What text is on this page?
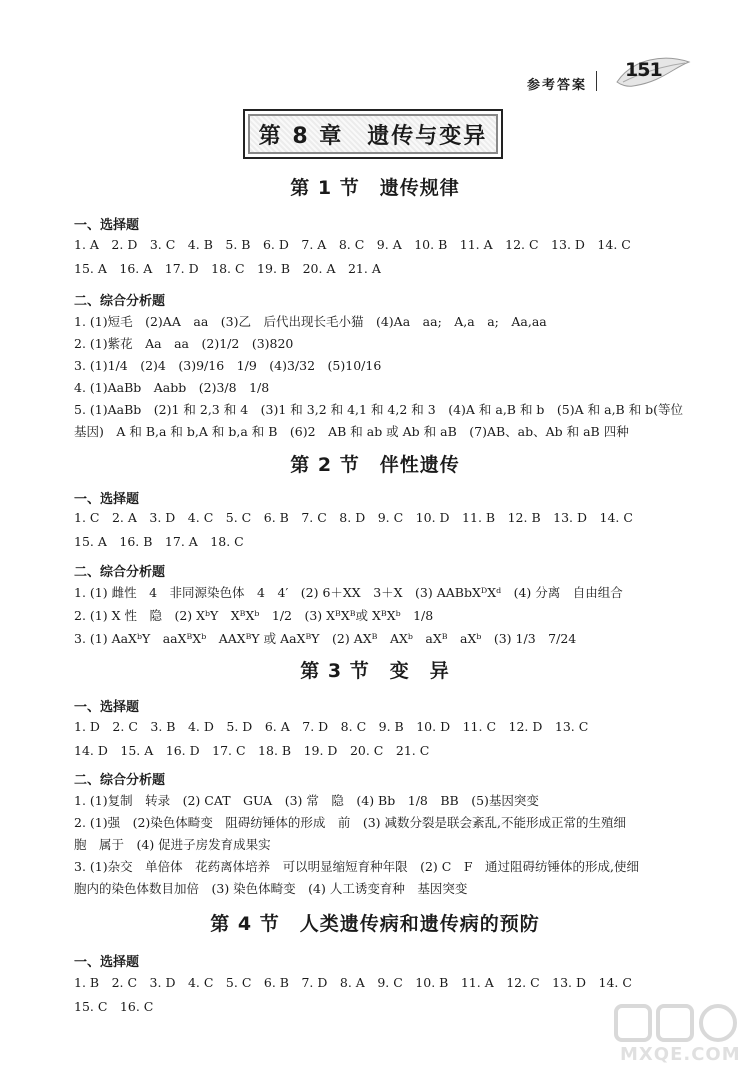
参考答案
151
第 8 章　遗传与变异
第 1 节　遗传规律
一、选择题
1. A　2. D　3. C　4. B　5. B　6. D　7. A　8. C　9. A　10. B　11. A　12. C　13. D　14. C
15. A　16. A　17. D　18. C　19. B　20. A　21. A
二、综合分析题
1. (1)短毛　(2)AA　aa　(3)乙　后代出现长毛小猫　(4)Aa　aa;　A,a　a;　Aa,aa
2. (1)紫花　Aa　aa　(2)1/2　(3)820
3. (1)1/4　(2)4　(3)9/16　1/9　(4)3/32　(5)10/16
4. (1)AaBb　Aabb　(2)3/8　1/8
5. (1)AaBb　(2)1 和 2,3 和 4　(3)1 和 3,2 和 4,1 和 4,2 和 3　(4)A 和 a,B 和 b　(5)A 和 a,B 和 b(等位
基因)　A 和 B,a 和 b,A 和 b,a 和 B　(6)2　AB 和 ab 或 Ab 和 aB　(7)AB、ab、Ab 和 aB 四种
第 2 节　伴性遗传
一、选择题
1. C　2. A　3. D　4. C　5. C　6. B　7. C　8. D　9. C　10. D　11. B　12. B　13. D　14. C
15. A　16. B　17. A　18. C
二、综合分析题
1. (1) 雌性　4　非同源染色体　4　4′　(2) 6＋XX　3＋X　(3) AABbXᴰXᵈ　(4) 分离　自由组合
2. (1) X 性　隐　(2) XᵇY　XᴮXᵇ　1/2　(3) XᴮXᴮ或 XᴮXᵇ　1/8
3. (1) AaXᵇY　aaXᴮXᵇ　AAXᴮY 或 AaXᴮY　(2) AXᴮ　AXᵇ　aXᴮ　aXᵇ　(3) 1/3　7/24
第 3 节　变　异
一、选择题
1. D　2. C　3. B　4. D　5. D　6. A　7. D　8. C　9. B　10. D　11. C　12. D　13. C
14. D　15. A　16. D　17. C　18. B　19. D　20. C　21. C
二、综合分析题
1. (1)复制　转录　(2) CAT　GUA　(3) 常　隐　(4) Bb　1/8　BB　(5)基因突变
2. (1)强　(2)染色体畸变　阻碍纺锤体的形成　前　(3) 减数分裂是联会紊乱,不能形成正常的生殖细
胞　属于　(4) 促进子房发育成果实
3. (1)杂交　单倍体　花药离体培养　可以明显缩短育种年限　(2) C　F　通过阻碍纺锤体的形成,使细
胞内的染色体数目加倍　(3) 染色体畸变　(4) 人工诱变育种　基因突变
第 4 节　人类遗传病和遗传病的预防
一、选择题
1. B　2. C　3. D　4. C　5. C　6. B　7. D　8. A　9. C　10. B　11. A　12. C　13. D　14. C
15. C　16. C
MXQE.COM
